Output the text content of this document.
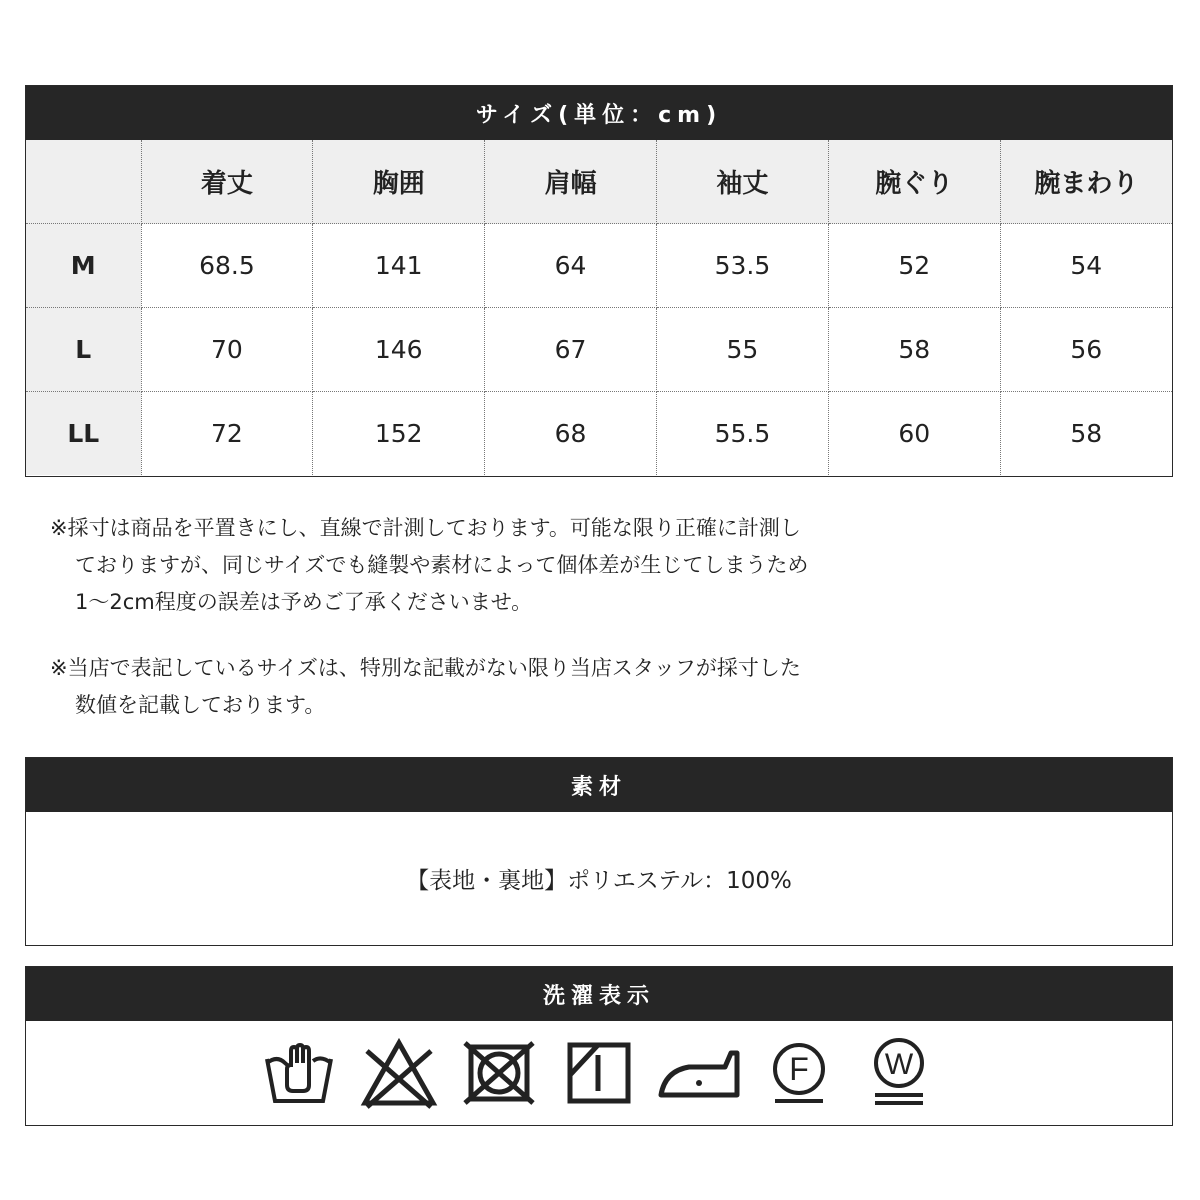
サイズ(単位：cm)
	着丈	胸囲	肩幅	袖丈	腕ぐり	腕まわり
M	68.5	141	64	53.5	52	54
L	70	146	67	55	58	56
LL	72	152	68	55.5	60	58

※採寸は商品を平置きにし、直線で計測しております。可能な限り正確に計測し

ておりますが、同じサイズでも縫製や素材によって個体差が生じてしまうため

1〜2cm程度の誤差は予めご了承くださいませ。

※当店で表記しているサイズは、特別な記載がない限り当店スタッフが採寸した

数値を記載しております。

素材
【表地・裏地】ポリエステル：100%
洗濯表示
F	W
